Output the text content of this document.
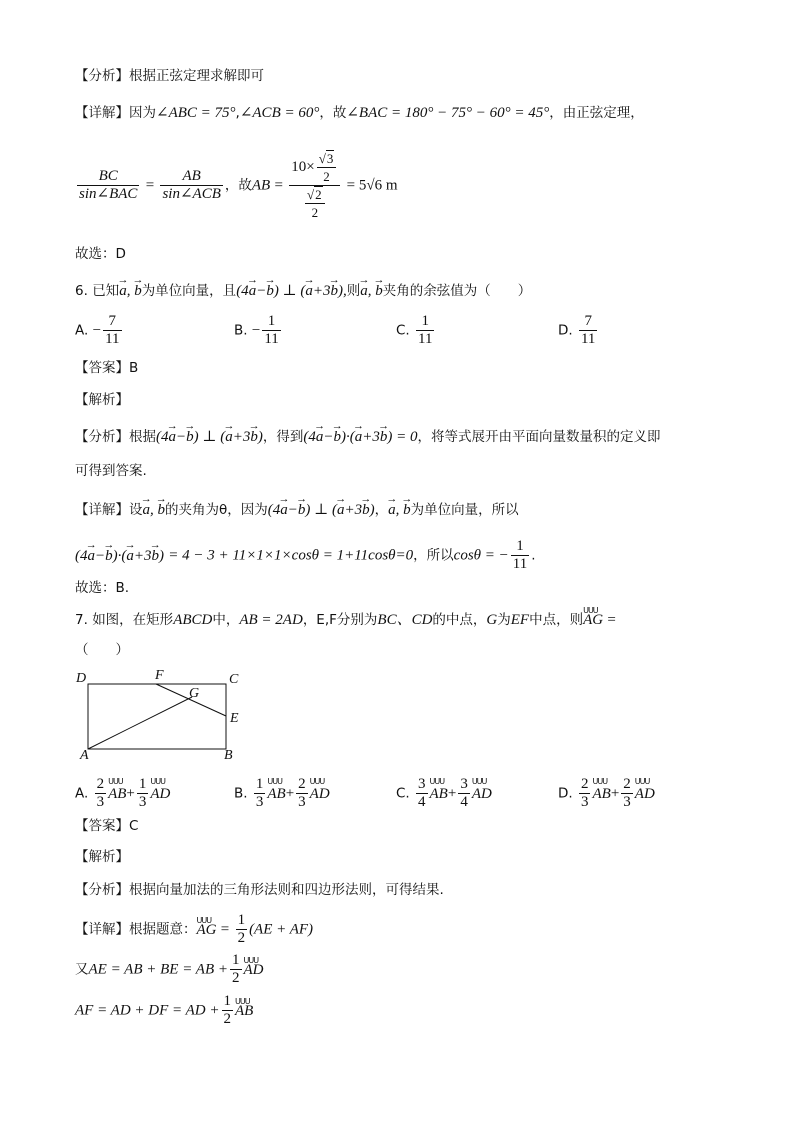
【分析】根据正弦定理求解即可
【详解】因为∠ABC = 75°,∠ACB = 60°，故∠BAC = 180° − 75° − 60° = 45°，由正弦定理，
$\frac{BC}{\text{sin∠BAC}} = \frac{AB}{\text{sin∠ACB}}$ ，故AB = $\frac{10\times \frac{√3}{2}}{\frac{√2}{2}} = 5√6$ m
故选：D
6. 已知→ a, → b为单位向量，且(4→ a−→ b) ⊥ (→ a+3→ b),则→ a, → b夹角的余弦值为（　　）
A. − $\frac{7}{11}$	B. − $\frac{1}{11}$	C. $\frac{1}{11}$	D. $\frac{7}{11}$
【答案】B
【解析】
【分析】根据(4→ a−→ b) ⊥ (→ a+3→ b)，得到(4→ a−→ b)·(→ a+3→ b) = 0，将等式展开由平面向量数量积的定义即
可得到答案.
【详解】设→ a, → b的夹角为θ，因为(4→ a−→ b) ⊥ (→ a+3→ b)，→ a, → b为单位向量，所以
(4→ a−→ b)·(→ a+3→ b) = 4 − 3 + 11×1×1×cosθ = 1+11cosθ=0，所以cosθ = − $\frac{1}{11}$ .
故选：B.
7. 如图，在矩形ABCD中，AB = 2AD，E,F分别为BC、CD的中点，G为EF中点，则UUU AG =
（　　）
D	F	C
G
E
A	B
A. $\frac{2}{3}$ UUU $AB+ \frac{1}{3}$ UUU AD	B. $\frac{1}{3}$ UUU $AB+ \frac{2}{3}$ UUU AD	C. $\frac{3}{4}$ UUU $AB+ \frac{3}{4}$ UUU AD	D. $\frac{2}{3}$ UUU $AB+ \frac{2}{3}$ UUU AD
【答案】C
【解析】
【分析】根据向量加法的三角形法则和四边形法则，可得结果.
【详解】根据题意：UUU AG = $\frac{1}{2} (AE + AF)$
又AE = AB + BE = AB + $\frac{1}{2}$ UUU AD
AF = AD + DF = AD + $\frac{1}{2}$ UUU AB
